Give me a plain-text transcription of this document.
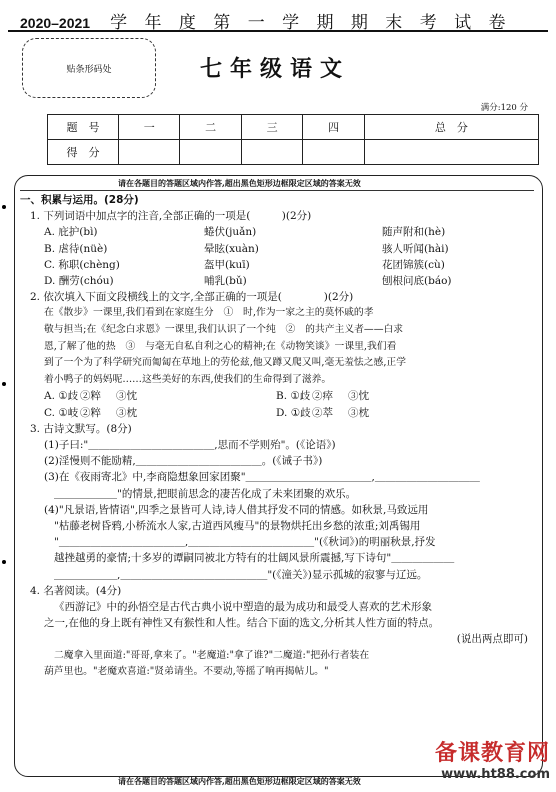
2020–2021 学 年 度 第 一 学 期 期 末 考 试 卷
贴条形码处	七年级语文
满分:120 分
题　号	一	二	三	四	总　分
得　分					
请在各题目的答题区域内作答,超出黑色矩形边框限定区域的答案无效

一、积累与运用。(28分)

1. 下列词语中加点字的注音,全部正确的一项是(　　　)(2分)

A. 庇护(bì)	蜷伏(juǎn)	随声附和(hè)
B. 虐待(nüè)	晕眩(xuàn)	骇人听闻(hài)
C. 称职(chèng)	盔甲(kuī)	花团锦簇(cù)
D. 酬劳(chóu)	哺乳(bǔ)	刨根问底(báo)

2. 依次填入下面文段横线上的文字,全部正确的一项是(　　　　)(2分)

在《散步》一课里,我们看到在家庭生分　①　时,作为一家之主的莫怀戚的孝

敬与担当;在《纪念白求恩》一课里,我们认识了一个纯　②　的共产主义者——白求

恩,了解了他的热　③　与毫无自私自利之心的精神;在《动物笑谈》一课里,我们看

到了一个为了科学研究而匍匐在草地上的劳伦兹,他又蹲又爬又叫,毫无羞怯之感,正学

着小鸭子的妈妈呢……这些美好的东西,使我们的生命得到了滋养。

A. ①歧 ②粹	③忱	B. ①歧 ②瘁	③忱
C. ①岐 ②粹	③枕	D. ①歧 ②萃	③枕

3. 古诗文默写。(8分)

(1)子曰:"＿＿＿＿＿＿＿＿＿＿＿＿,思而不学则殆"。(《论语》)

(2)淫慢则不能励精,＿＿＿＿＿＿＿＿＿＿＿＿。(《诫子书》)

(3)在《夜雨寄北》中,李商隐想象回家团聚"＿＿＿＿＿＿＿＿＿＿＿＿,＿＿＿＿＿＿＿＿＿＿

＿＿＿＿＿＿"的情景,把眼前思念的凄苦化成了未来团聚的欢乐。

(4)"凡景语,皆情语",四季之景皆可人诗,诗人借其抒发不同的情感。如秋景,马致远用

"枯藤老树昏鸦,小桥流水人家,古道西风瘦马"的景物烘托出乡愁的浓重;刘禹锡用

"＿＿＿＿＿＿＿＿＿＿＿＿,＿＿＿＿＿＿＿＿＿＿＿＿"(《秋词》)的明丽秋景,抒发

越挫越勇的豪情;十多岁的谭嗣同被北方特有的壮阔风景所震撼,写下诗句"＿＿＿＿＿＿

＿＿＿＿＿＿,＿＿＿＿＿＿＿＿＿＿＿＿＿＿"(《潼关》)显示孤城的寂寥与辽远。

4. 名著阅读。(4分)

《西游记》中的孙悟空是古代古典小说中塑造的最为成功和最受人喜欢的艺术形象

之一,在他的身上既有神性又有猴性和人性。结合下面的选文,分析其人性方面的特点。

(说出两点即可)

二魔拿入里面道:"哥哥,拿来了。"老魔道:"拿了谁?"二魔道:"把孙行者装在

葫芦里也。"老魔欢喜道:"贤弟请坐。不要动,等摇了响再揭帖儿。"

请在各题目的答题区域内作答,超出黑色矩形边框限定区域的答案无效
备课教育网
www.ht88.com
